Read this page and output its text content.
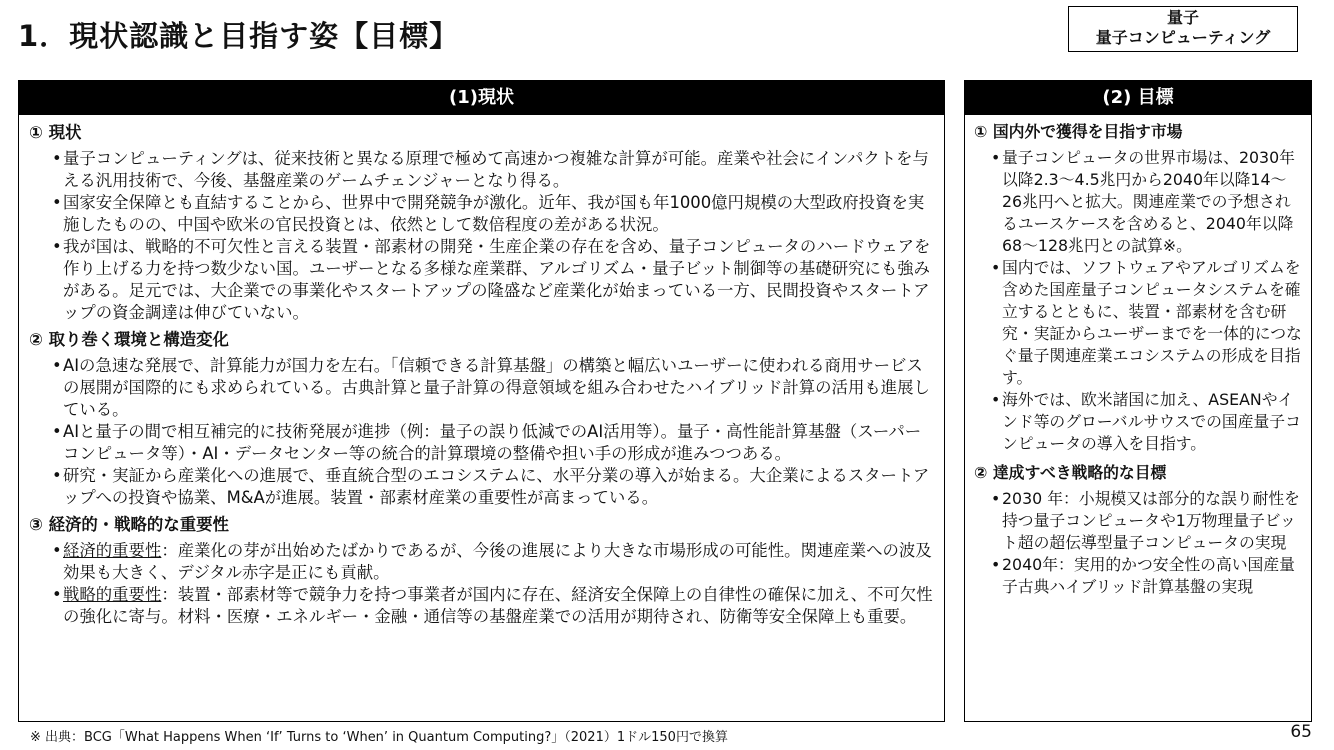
1．現状認識と目指す姿【目標】
量子
量子コンピューティング
(1)現状
① 現状

• 量子コンピューティングは、従来技術と異なる原理で極めて高速かつ複雑な計算が可能。産業や社会にインパクトを与える汎用技術で、今後、基盤産業のゲームチェンジャーとなり得る。

• 国家安全保障とも直結することから、世界中で開発競争が激化。近年、我が国も年1000億円規模の大型政府投資を実施したものの、中国や欧米の官民投資とは、依然として数倍程度の差がある状況。

• 我が国は、戦略的不可欠性と言える装置・部素材の開発・生産企業の存在を含め、量子コンピュータのハードウェアを作り上げる力を持つ数少ない国。ユーザーとなる多様な産業群、アルゴリズム・量子ビット制御等の基礎研究にも強みがある。足元では、大企業での事業化やスタートアップの隆盛など産業化が始まっている一方、民間投資やスタートアップの資金調達は伸びていない。

② 取り巻く環境と構造変化

• AIの急速な発展で、計算能力が国力を左右。「信頼できる計算基盤」の構築と幅広いユーザーに使われる商用サービスの展開が国際的にも求められている。古典計算と量子計算の得意領域を組み合わせたハイブリッド計算の活用も進展している。

• AIと量子の間で相互補完的に技術発展が進捗（例：量子の誤り低減でのAI活用等）。量子・高性能計算基盤（スーパーコンピュータ等）・AI・データセンター等の統合的計算環境の整備や担い手の形成が進みつつある。

• 研究・実証から産業化への進展で、垂直統合型のエコシステムに、水平分業の導入が始まる。大企業によるスタートアップへの投資や協業、M&Aが進展。装置・部素材産業の重要性が高まっている。

③ 経済的・戦略的な重要性

• 経済的重要性：産業化の芽が出始めたばかりであるが、今後の進展により大きな市場形成の可能性。関連産業への波及効果も大きく、デジタル赤字是正にも貢献。

• 戦略的重要性：装置・部素材等で競争力を持つ事業者が国内に存在、経済安全保障上の自律性の確保に加え、不可欠性の強化に寄与。材料・医療・エネルギー・金融・通信等の基盤産業での活用が期待され、防衛等安全保障上も重要。

(2) 目標
① 国内外で獲得を目指す市場

• 量子コンピュータの世界市場は、2030年以降2.3～4.5兆円から2040年以降14～26兆円へと拡大。関連産業での予想されるユースケースを含めると、2040年以降68～128兆円との試算※。

• 国内では、ソフトウェアやアルゴリズムを含めた国産量子コンピュータシステムを確立するとともに、装置・部素材を含む研究・実証からユーザーまでを一体的につなぐ量子関連産業エコシステムの形成を目指す。

• 海外では、欧米諸国に加え、ASEANやインド等のグローバルサウスでの国産量子コンピュータの導入を目指す。

② 達成すべき戦略的な目標

• 2030 年：小規模又は部分的な誤り耐性を持つ量子コンピュータや1万物理量子ビット超の超伝導型量子コンピュータの実現

• 2040年：実用的かつ安全性の高い国産量子古典ハイブリッド計算基盤の実現

※ 出典：BCG「What Happens When ‘If’ Turns to ‘When’ in Quantum Computing?」（2021）1ドル150円で換算	65
